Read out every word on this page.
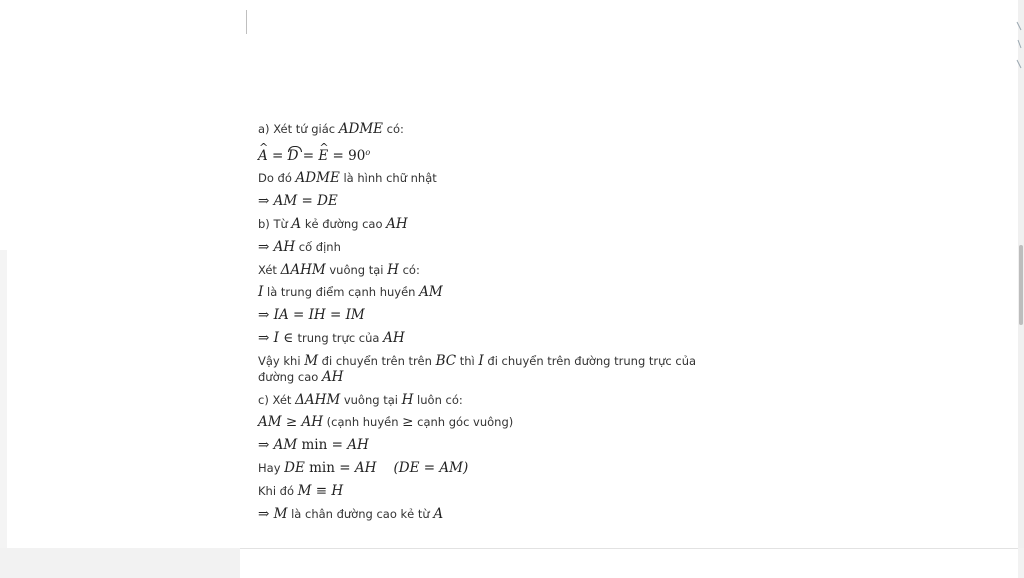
a) Xét tứ giác ADME có:
^ A = D = ^ $E = 90^o$
Do đó ADME là hình chữ nhật
⇒ AM = DE
b) Từ A kẻ đường cao AH
⇒ AH cố định
Xét ΔAHM vuông tại H có:
I là trung điểm cạnh huyền AM
⇒ IA = IH = IM
⇒ I ∈ trung trực của AH
Vậy khi M đi chuyển trên trên BC thì I đi chuyển trên đường trung trực của
đường cao AH
c) Xét ΔAHM vuông tại H luôn có:
AM ≥ AH (cạnh huyền ≥ cạnh góc vuông)
⇒ AM min = AH
Hay DE min = AH    (DE = AM)
Khi đó M ≡ H
⇒ M là chân đường cao kẻ từ A
